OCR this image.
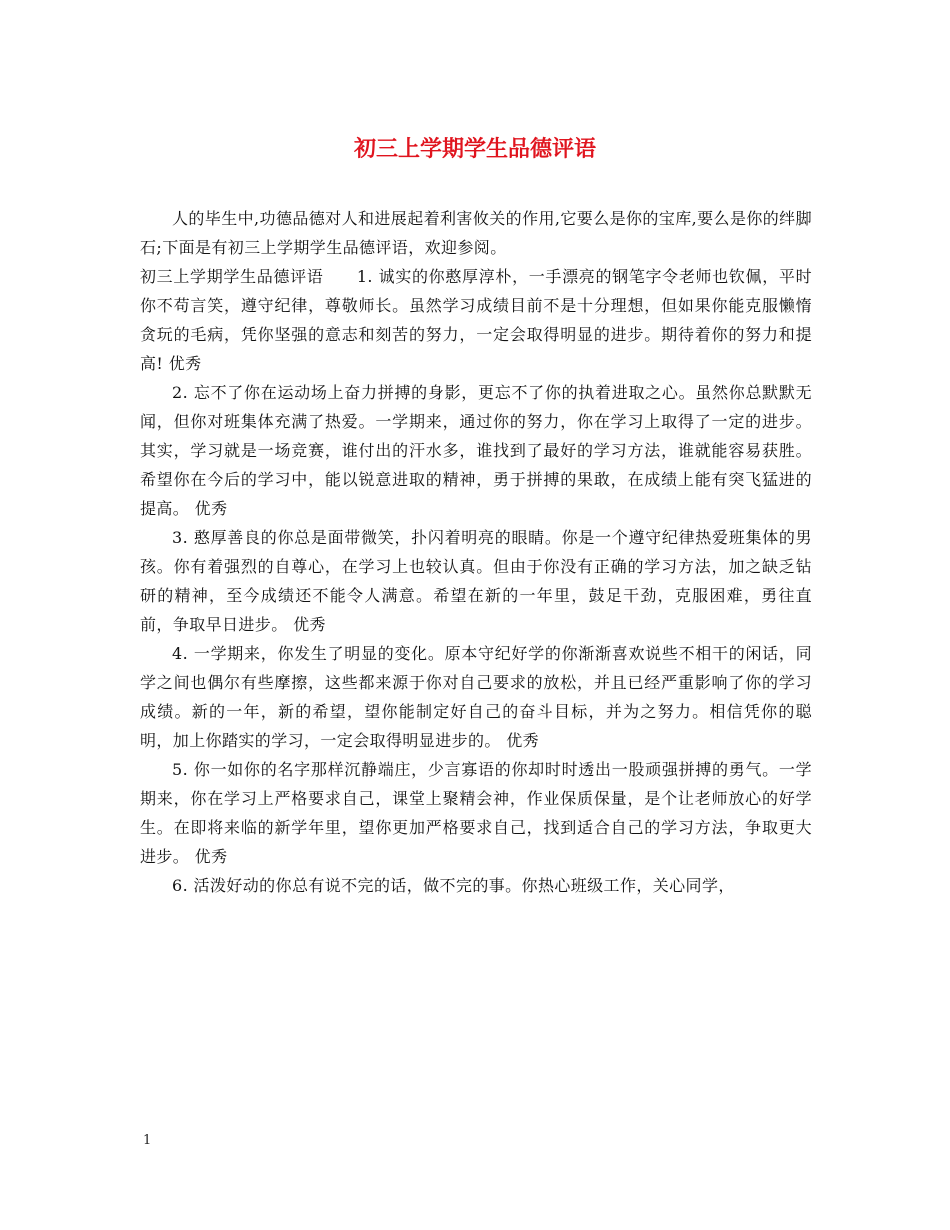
初三上学期学生品德评语

人的毕生中,功德品德对人和进展起着利害攸关的作用,它要么是你的宝库,要么是你的绊脚石;下面是有初三上学期学生品德评语，欢迎参阅。

初三上学期学生品德评语　　1. 诚实的你憨厚淳朴，一手漂亮的钢笔字令老师也钦佩，平时你不苟言笑，遵守纪律，尊敬师长。虽然学习成绩目前不是十分理想，但如果你能克服懒惰贪玩的毛病，凭你坚强的意志和刻苦的努力，一定会取得明显的进步。期待着你的努力和提高! 优秀

2. 忘不了你在运动场上奋力拼搏的身影，更忘不了你的执着进取之心。虽然你总默默无闻，但你对班集体充满了热爱。一学期来，通过你的努力，你在学习上取得了一定的进步。其实，学习就是一场竞赛，谁付出的汗水多，谁找到了最好的学习方法，谁就能容易获胜。希望你在今后的学习中，能以锐意进取的精神，勇于拼搏的果敢，在成绩上能有突飞猛进的提高。 优秀

3. 憨厚善良的你总是面带微笑，扑闪着明亮的眼睛。你是一个遵守纪律热爱班集体的男孩。你有着强烈的自尊心，在学习上也较认真。但由于你没有正确的学习方法，加之缺乏钻研的精神，至今成绩还不能令人满意。希望在新的一年里，鼓足干劲，克服困难，勇往直前，争取早日进步。 优秀

4. 一学期来，你发生了明显的变化。原本守纪好学的你渐渐喜欢说些不相干的闲话，同学之间也偶尔有些摩擦，这些都来源于你对自己要求的放松，并且已经严重影响了你的学习成绩。新的一年，新的希望，望你能制定好自己的奋斗目标，并为之努力。相信凭你的聪明，加上你踏实的学习，一定会取得明显进步的。 优秀

5. 你一如你的名字那样沉静端庄，少言寡语的你却时时透出一股顽强拼搏的勇气。一学期来，你在学习上严格要求自己，课堂上聚精会神，作业保质保量，是个让老师放心的好学生。在即将来临的新学年里，望你更加严格要求自己，找到适合自己的学习方法，争取更大进步。 优秀

6. 活泼好动的你总有说不完的话，做不完的事。你热心班级工作，关心同学，

1
